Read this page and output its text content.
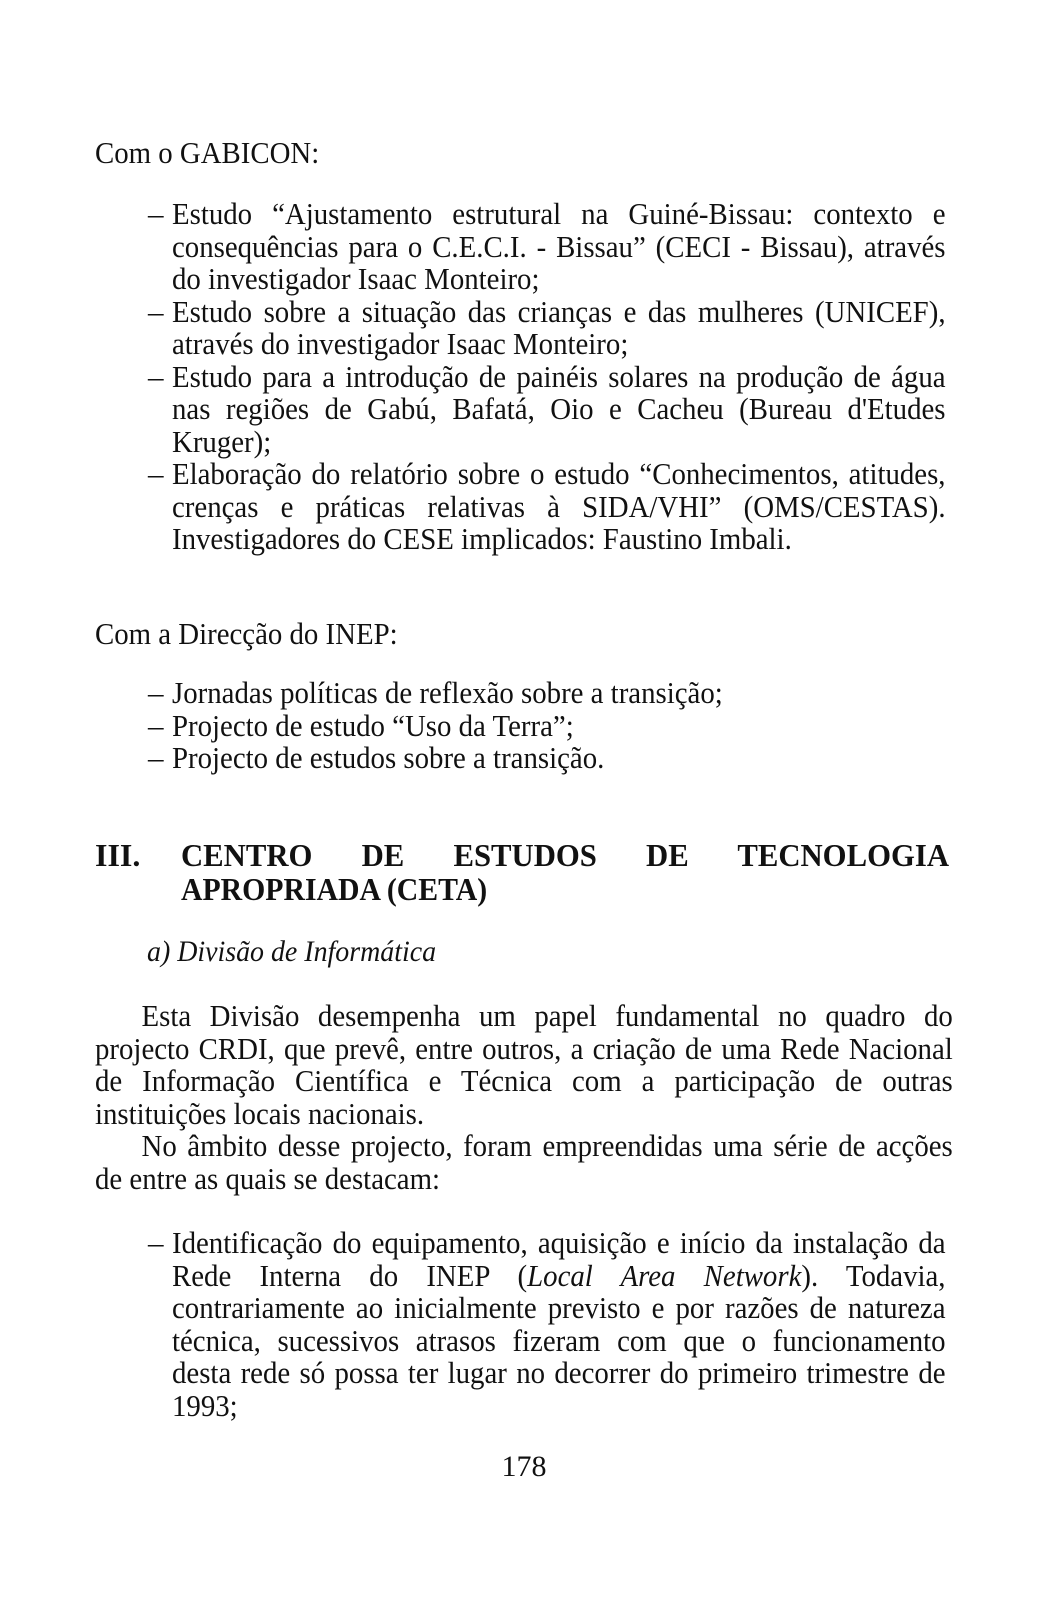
Com o GABICON:
– Estudo “Ajustamento estrutural na Guiné-Bissau: contexto e consequências para o C.E.C.I. - Bissau” (CECI - Bissau), através do investigador Isaac Monteiro;
– Estudo sobre a situação das crianças e das mulheres (UNICEF), através do investigador Isaac Monteiro;
– Estudo para a introdução de painéis solares na produção de água nas regiões de Gabú, Bafatá, Oio e Cacheu (Bureau d'Etudes Kruger);
– Elaboração do relatório sobre o estudo “Conhecimentos, atitudes, crenças e práticas relativas à SIDA/VHI” (OMS/CESTAS). Investigadores do CESE implicados: Faustino Imbali.
Com a Direcção do INEP:
– Jornadas políticas de reflexão sobre a transição;
– Projecto de estudo “Uso da Terra”;
– Projecto de estudos sobre a transição.
III. CENTRO DE ESTUDOS DE TECNOLOGIA
APROPRIADA (CETA)
a) Divisão de Informática

Esta Divisão desempenha um papel fundamental no quadro do projecto CRDI, que prevê, entre outros, a criação de uma Rede Nacional de Informação Científica e Técnica com a participação de outras instituições locais nacionais.

No âmbito desse projecto, foram empreendidas uma série de acções de entre as quais se destacam:

– Identificação do equipamento, aquisição e início da instalação da Rede Interna do INEP (Local Area Network). Todavia, contrariamente ao inicialmente previsto e por razões de natureza técnica, sucessivos atrasos fizeram com que o funcionamento desta rede só possa ter lugar no decorrer do primeiro trimestre de 1993;
178
